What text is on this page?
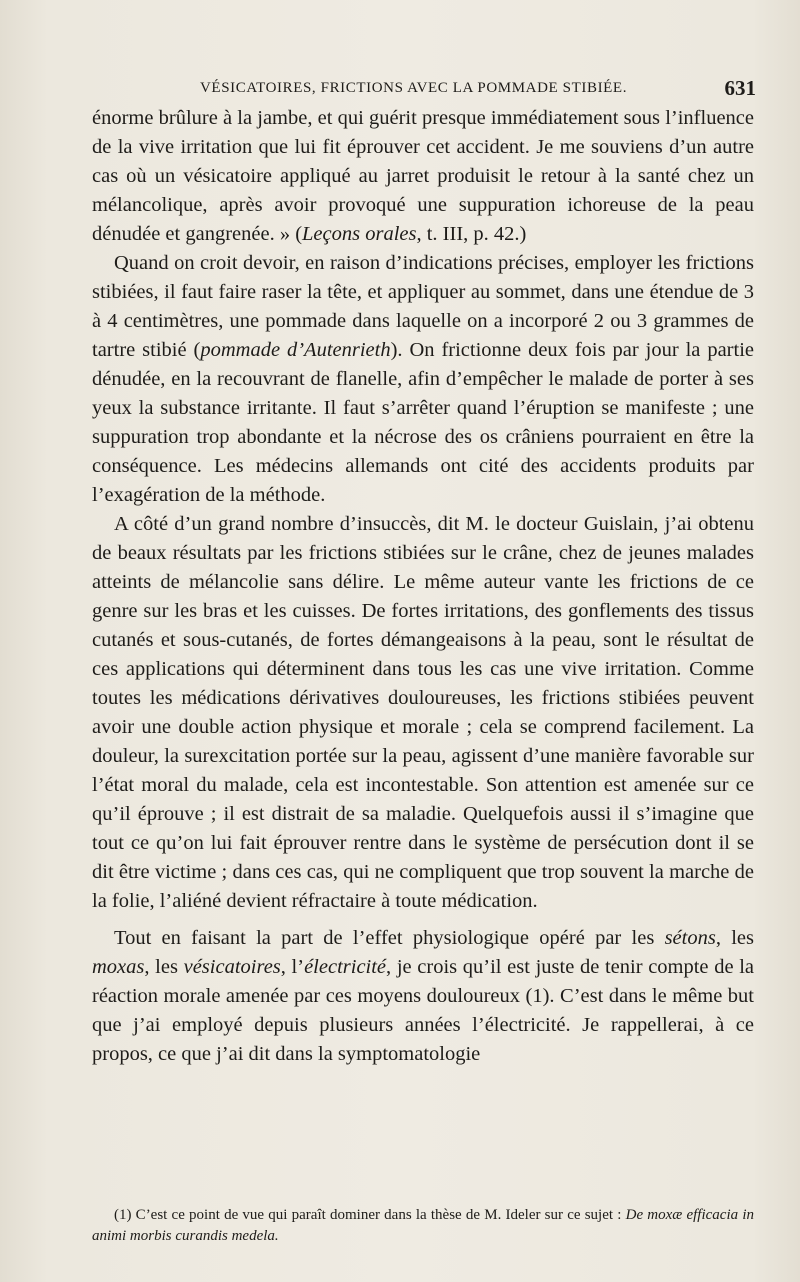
VÉSICATOIRES, FRICTIONS AVEC LA POMMADE STIBIÉE.	631

énorme brûlure à la jambe, et qui guérit presque immédiatement sous l’influence de la vive irritation que lui fit éprouver cet accident. Je me souviens d’un autre cas où un vésicatoire appliqué au jarret produisit le retour à la santé chez un mélancolique, après avoir provoqué une suppuration ichoreuse de la peau dénudée et gangrenée. » (Leçons orales, t. III, p. 42.)

Quand on croit devoir, en raison d’indications précises, employer les frictions stibiées, il faut faire raser la tête, et appliquer au sommet, dans une étendue de 3 à 4 centimètres, une pommade dans laquelle on a incorporé 2 ou 3 grammes de tartre stibié (pommade d’Autenrieth). On frictionne deux fois par jour la partie dénudée, en la recouvrant de flanelle, afin d’empêcher le malade de porter à ses yeux la substance irritante. Il faut s’arrêter quand l’éruption se manifeste ; une suppuration trop abondante et la nécrose des os crâniens pourraient en être la conséquence. Les médecins allemands ont cité des accidents produits par l’exagération de la méthode.

A côté d’un grand nombre d’insuccès, dit M. le docteur Guislain, j’ai obtenu de beaux résultats par les frictions stibiées sur le crâne, chez de jeunes malades atteints de mélancolie sans délire. Le même auteur vante les frictions de ce genre sur les bras et les cuisses. De fortes irritations, des gonflements des tissus cutanés et sous-cutanés, de fortes démangeaisons à la peau, sont le résultat de ces applications qui déterminent dans tous les cas une vive irritation. Comme toutes les médications dérivatives douloureuses, les frictions stibiées peuvent avoir une double action physique et morale ; cela se comprend facilement. La douleur, la surexcitation portée sur la peau, agissent d’une manière favorable sur l’état moral du malade, cela est incontestable. Son attention est amenée sur ce qu’il éprouve ; il est distrait de sa maladie. Quelquefois aussi il s’imagine que tout ce qu’on lui fait éprouver rentre dans le système de persécution dont il se dit être victime ; dans ces cas, qui ne compliquent que trop souvent la marche de la folie, l’aliéné devient réfractaire à toute médication.

Tout en faisant la part de l’effet physiologique opéré par les sétons, les moxas, les vésicatoires, l’électricité, je crois qu’il est juste de tenir compte de la réaction morale amenée par ces moyens douloureux (1). C’est dans le même but que j’ai employé depuis plusieurs années l’électricité. Je rappellerai, à ce propos, ce que j’ai dit dans la symptomatologie

(1) C’est ce point de vue qui paraît dominer dans la thèse de M. Ideler sur ce sujet : De moxæ efficacia in animi morbis curandis medela.
